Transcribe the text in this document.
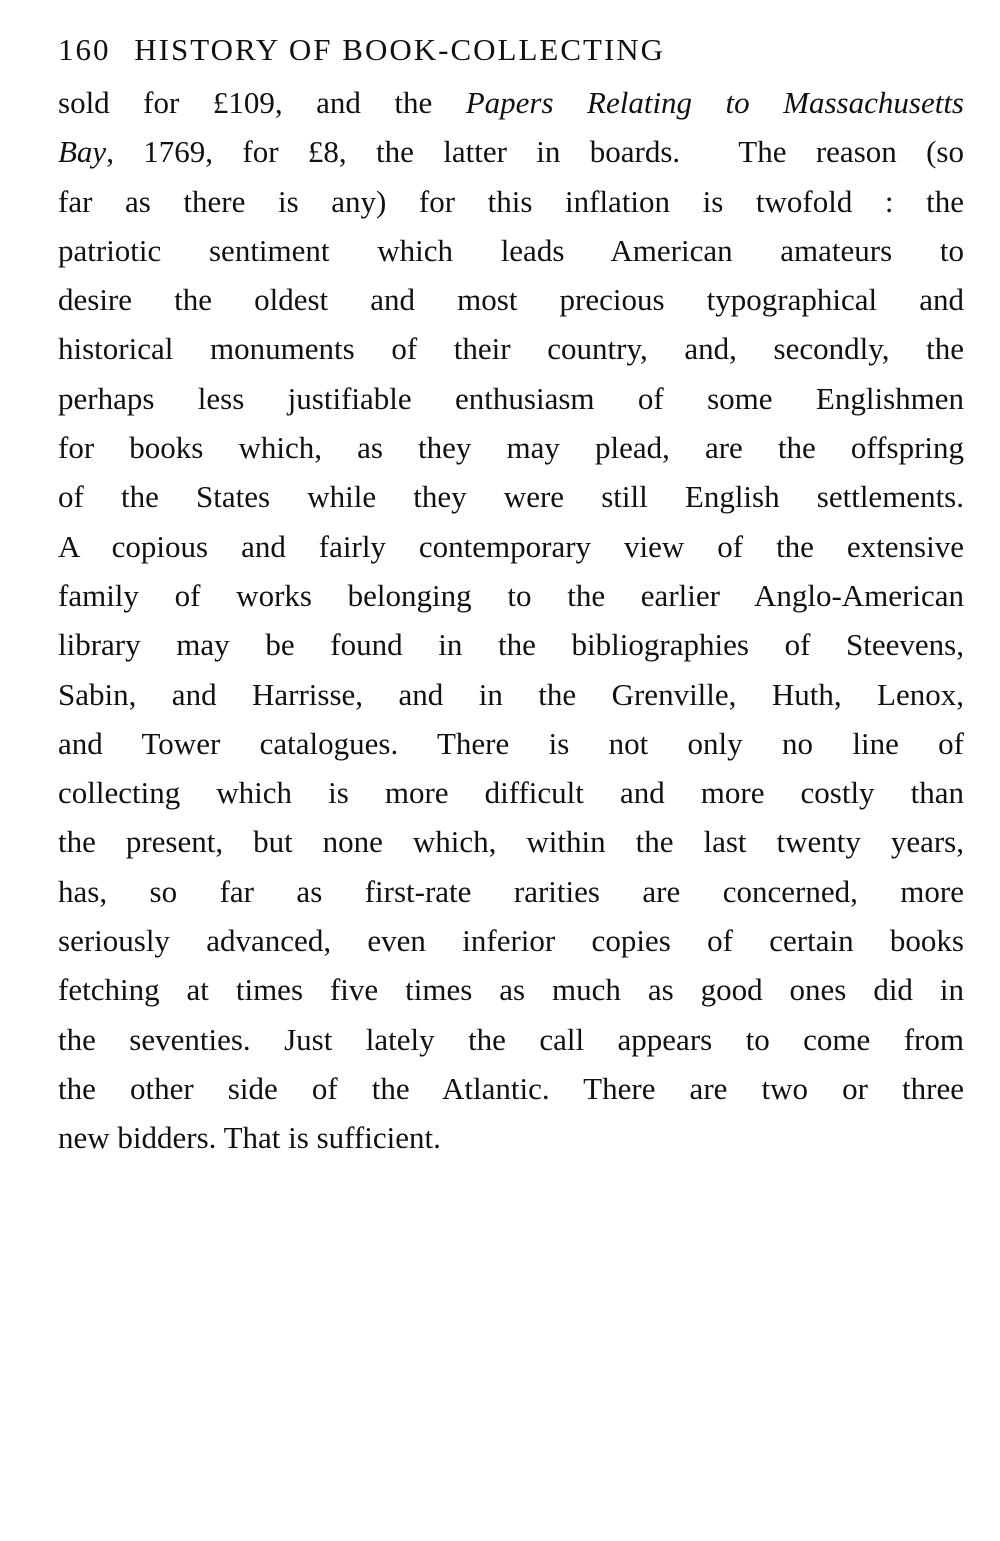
160 HISTORY OF BOOK-COLLECTING
sold for £109, and the Papers Relating to Massachusetts
Bay, 1769, for £8, the latter in boards.  The reason (so
far as there is any) for this inflation is twofold : the
patriotic sentiment which leads American amateurs to
desire the oldest and most precious typographical and
historical monuments of their country, and, secondly, the
perhaps less justifiable enthusiasm of some Englishmen
for books which, as they may plead, are the offspring
of the States while they were still English settlements.
A copious and fairly contemporary view of the extensive
family of works belonging to the earlier Anglo-American
library may be found in the bibliographies of Steevens,
Sabin, and Harrisse, and in the Grenville, Huth, Lenox,
and Tower catalogues. There is not only no line of
collecting which is more difficult and more costly than
the present, but none which, within the last twenty years,
has, so far as first-rate rarities are concerned, more
seriously advanced, even inferior copies of certain books
fetching at times five times as much as good ones did in
the seventies. Just lately the call appears to come from
the other side of the Atlantic. There are two or three
new bidders. That is sufficient.
